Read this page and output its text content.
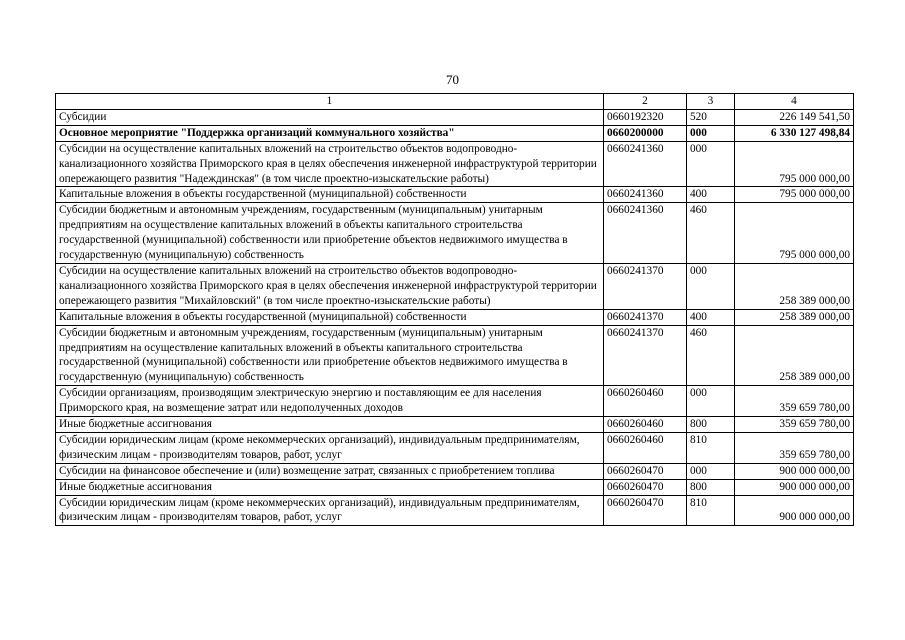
70
1	2	3	4
Субсидии	0660192320	520	226 149 541,50
Основное мероприятие "Поддержка организаций коммунального хозяйства"	0660200000	000	6 330 127 498,84
Субсидии на осуществление капитальных вложений на строительство объектов водопроводно-канализационного хозяйства Приморского края в целях обеспечения инженерной инфраструктурой территории опережающего развития "Надеждинская" (в том числе проектно-изыскательские работы)	0660241360	000	795 000 000,00
Капитальные вложения в объекты государственной (муниципальной) собственности	0660241360	400	795 000 000,00
Субсидии бюджетным и автономным учреждениям, государственным (муниципальным) унитарным предприятиям на осуществление капитальных вложений в объекты капитального строительства государственной (муниципальной) собственности или приобретение объектов недвижимого имущества в государственную (муниципальную) собственность	0660241360	460	795 000 000,00
Субсидии на осуществление капитальных вложений на строительство объектов водопроводно-канализационного хозяйства Приморского края в целях обеспечения инженерной инфраструктурой территории опережающего развития "Михайловский" (в том числе проектно-изыскательские работы)	0660241370	000	258 389 000,00
Капитальные вложения в объекты государственной (муниципальной) собственности	0660241370	400	258 389 000,00
Субсидии бюджетным и автономным учреждениям, государственным (муниципальным) унитарным предприятиям на осуществление капитальных вложений в объекты капитального строительства государственной (муниципальной) собственности или приобретение объектов недвижимого имущества в государственную (муниципальную) собственность	0660241370	460	258 389 000,00
Субсидии организациям, производящим электрическую энергию и поставляющим ее для населения Приморского края, на возмещение затрат или недополученных доходов	0660260460	000	359 659 780,00
Иные бюджетные ассигнования	0660260460	800	359 659 780,00
Субсидии юридическим лицам (кроме некоммерческих организаций), индивидуальным предпринимателям, физическим лицам - производителям товаров, работ, услуг	0660260460	810	359 659 780,00
Субсидии на финансовое обеспечение и (или) возмещение затрат, связанных с приобретением топлива	0660260470	000	900 000 000,00
Иные бюджетные ассигнования	0660260470	800	900 000 000,00
Субсидии юридическим лицам (кроме некоммерческих организаций), индивидуальным предпринимателям, физическим лицам - производителям товаров, работ, услуг	0660260470	810	900 000 000,00
